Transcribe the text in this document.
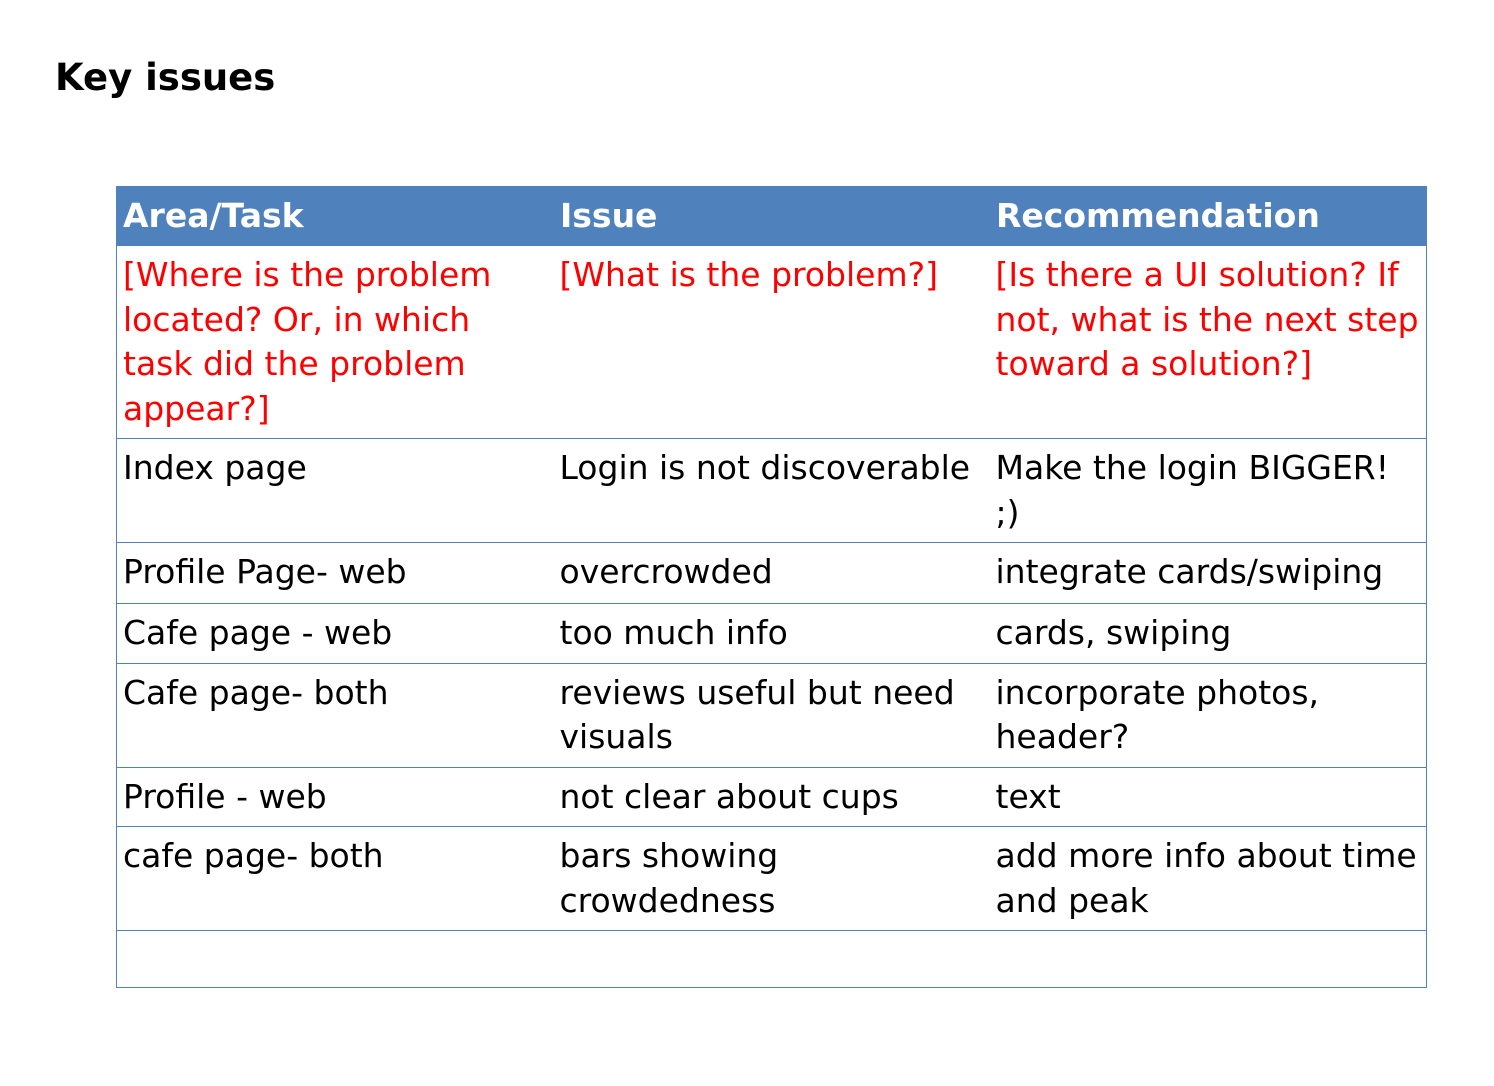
Key issues
Area/Task	Issue	Recommendation
[Where is the problem located? Or, in which task did the problem appear?]	[What is the problem?]	[Is there a UI solution? If not, what is the next step toward a solution?]
Index page	Login is not discoverable	Make the login BIGGER! ;)
Profile Page- web	overcrowded	integrate cards/swiping
Cafe page - web	too much info	cards, swiping
Cafe page- both	reviews useful but need visuals	incorporate photos, header?
Profile - web	not clear about cups	text
cafe page- both	bars showing crowdedness	add more info about time and peak
